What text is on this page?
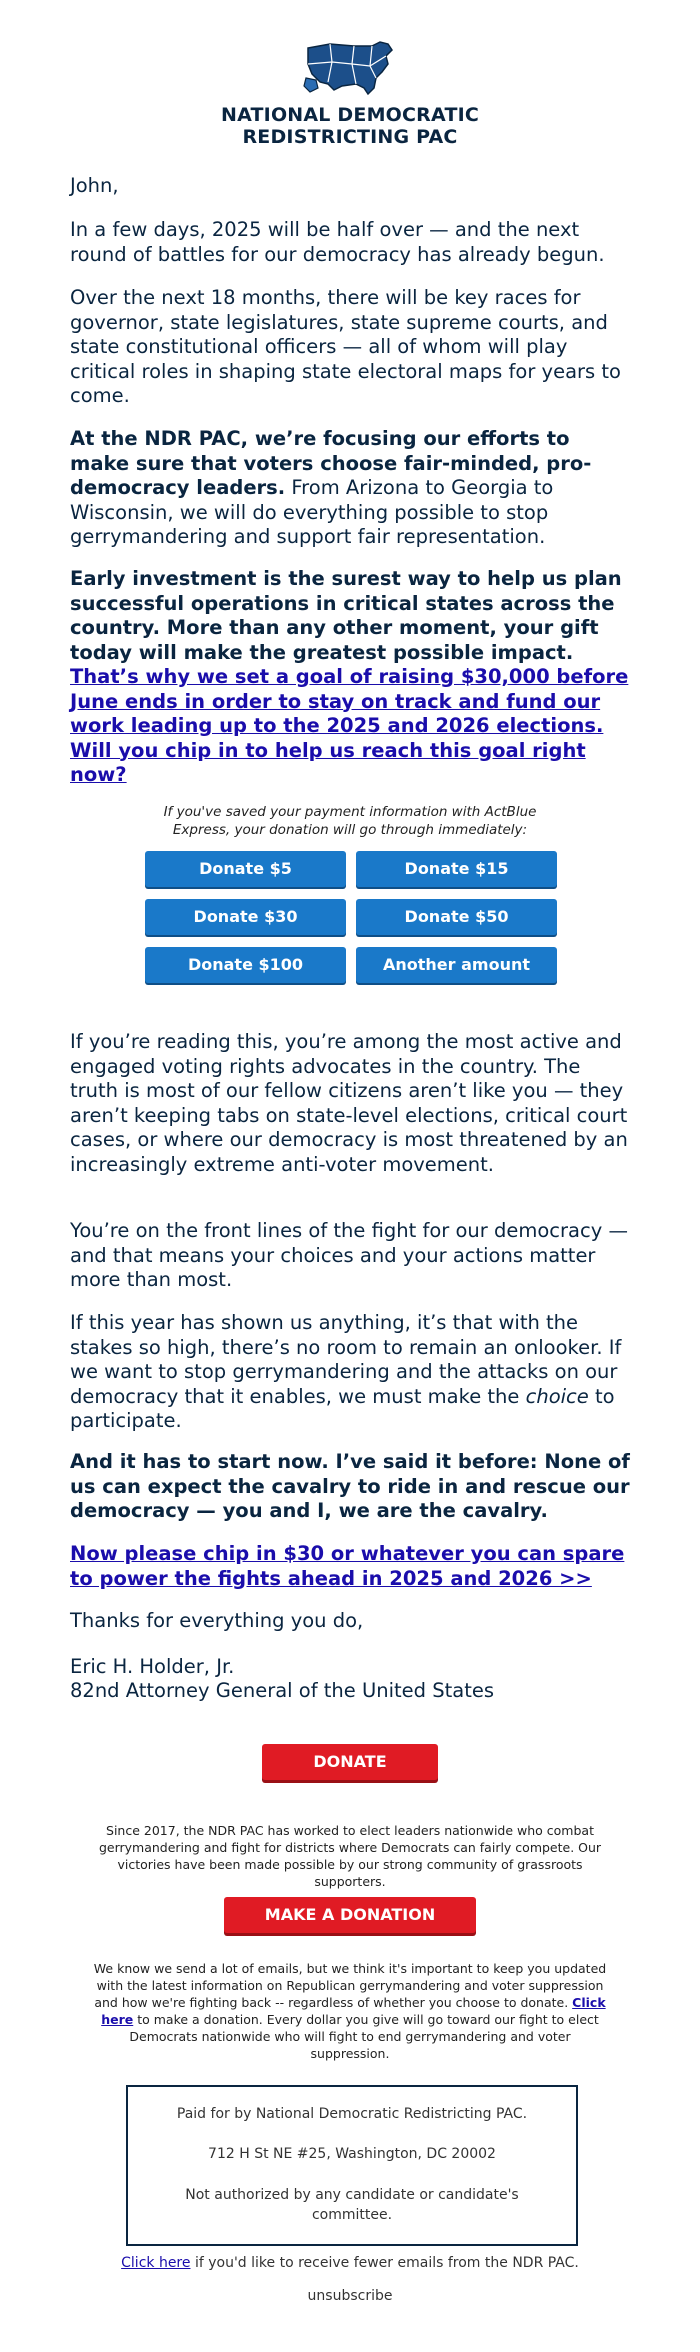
NATIONAL DEMOCRATIC
REDISTRICTING PAC

John,

In a few days, 2025 will be half over — and the next round of battles for our democracy has already begun.

Over the next 18 months, there will be key races for governor, state legislatures, state supreme courts, and state constitutional officers — all of whom will play critical roles in shaping state electoral maps for years to come.

At the NDR PAC, we’re focusing our efforts to make sure that voters choose fair-minded, pro-democracy leaders. From Arizona to Georgia to Wisconsin, we will do everything possible to stop gerrymandering and support fair representation.

Early investment is the surest way to help us plan successful operations in critical states across the country. More than any other moment, your gift today will make the greatest possible impact. That’s why we set a goal of raising $30,000 before June ends in order to stay on track and fund our work leading up to the 2025 and 2026 elections. Will you chip in to help us reach this goal right now?

If you've saved your payment information with ActBlue Express, your donation will go through immediately:
Donate $5	Donate $15
Donate $30	Donate $50
Donate $100	Another amount

If you’re reading this, you’re among the most active and engaged voting rights advocates in the country. The truth is most of our fellow citizens aren’t like you — they aren’t keeping tabs on state-level elections, critical court cases, or where our democracy is most threatened by an increasingly extreme anti-voter movement.

You’re on the front lines of the fight for our democracy — and that means your choices and your actions matter more than most.

If this year has shown us anything, it’s that with the stakes so high, there’s no room to remain an onlooker. If we want to stop gerrymandering and the attacks on our democracy that it enables, we must make the choice to participate.

And it has to start now. I’ve said it before: None of us can expect the cavalry to ride in and rescue our democracy — you and I, we are the cavalry.

Now please chip in $30 or whatever you can spare to power the fights ahead in 2025 and 2026 >>

Thanks for everything you do,

Eric H. Holder, Jr.

82nd Attorney General of the United States

DONATE
Since 2017, the NDR PAC has worked to elect leaders nationwide who combat gerrymandering and fight for districts where Democrats can fairly compete. Our victories have been made possible by our strong community of grassroots supporters.
MAKE A DONATION
We know we send a lot of emails, but we think it's important to keep you updated with the latest information on Republican gerrymandering and voter suppression and how we're fighting back -- regardless of whether you choose to donate. Click here to make a donation. Every dollar you give will go toward our fight to elect Democrats nationwide who will fight to end gerrymandering and voter suppression.
Paid for by National Democratic Redistricting PAC.
712 H St NE #25, Washington, DC 20002
Not authorized by any candidate or candidate's committee.
Click here if you'd like to receive fewer emails from the NDR PAC.
unsubscribe
